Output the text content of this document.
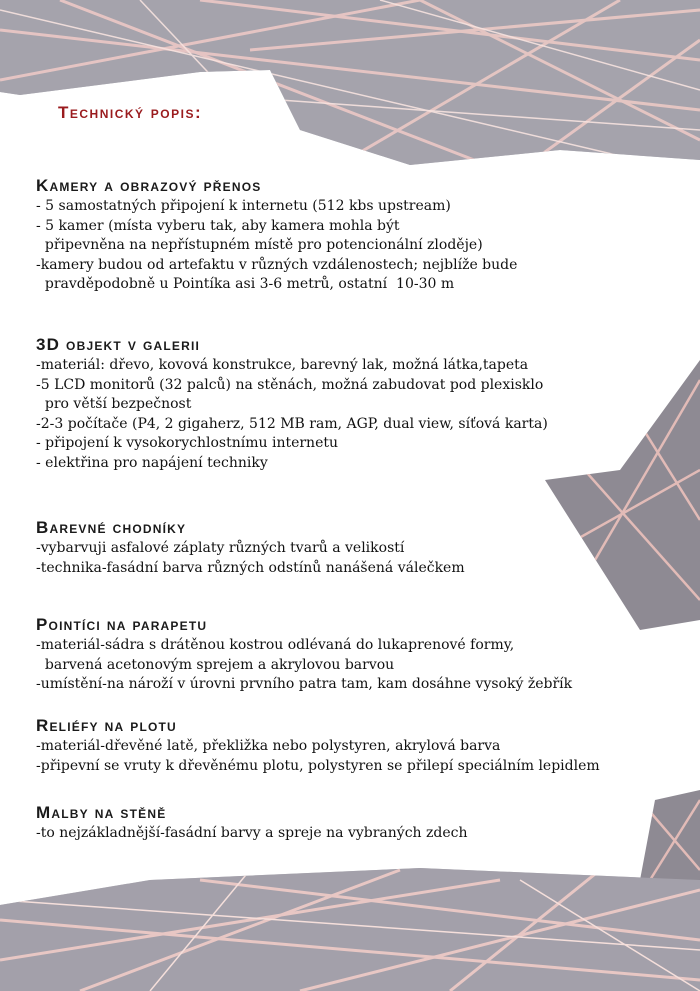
Technický popis:
Kamery a obrazový přenos
- 5 samostatných připojení k internetu (512 kbs upstream)
- 5 kamer (místa vyberu tak, aby kamera mohla být
připevněna na nepřístupném místě pro potencionální zloděje)
-kamery budou od artefaktu v různých vzdálenostech; nejblíže bude
pravděpodobně u Pointíka asi 3-6 metrů, ostatní  10-30 m
3D objekt v galerii
-materiál: dřevo, kovová konstrukce, barevný lak, možná látka,tapeta
-5 LCD monitorů (32 palců) na stěnách, možná zabudovat pod plexisklo
pro větší bezpečnost
-2-3 počítače (P4, 2 gigaherz, 512 MB ram, AGP, dual view, síťová karta)
- připojení k vysokorychlostnímu internetu
- elektřina pro napájení techniky
Barevné chodníky
-vybarvuji asfalové záplaty různých tvarů a velikostí
-technika-fasádní barva různých odstínů nanášená válečkem
Pointíci na parapetu
-materiál-sádra s drátěnou kostrou odlévaná do lukaprenové formy,
barvená acetonovým sprejem a akrylovou barvou
-umístění-na nároží v úrovni prvního patra tam, kam dosáhne vysoký žebřík
Reliéfy na plotu
-materiál-dřevěné latě, překližka nebo polystyren, akrylová barva
-připevní se vruty k dřevěnému plotu, polystyren se přilepí speciálním lepidlem
Malby na stěně
-to nejzákladnější-fasádní barvy a spreje na vybraných zdech
